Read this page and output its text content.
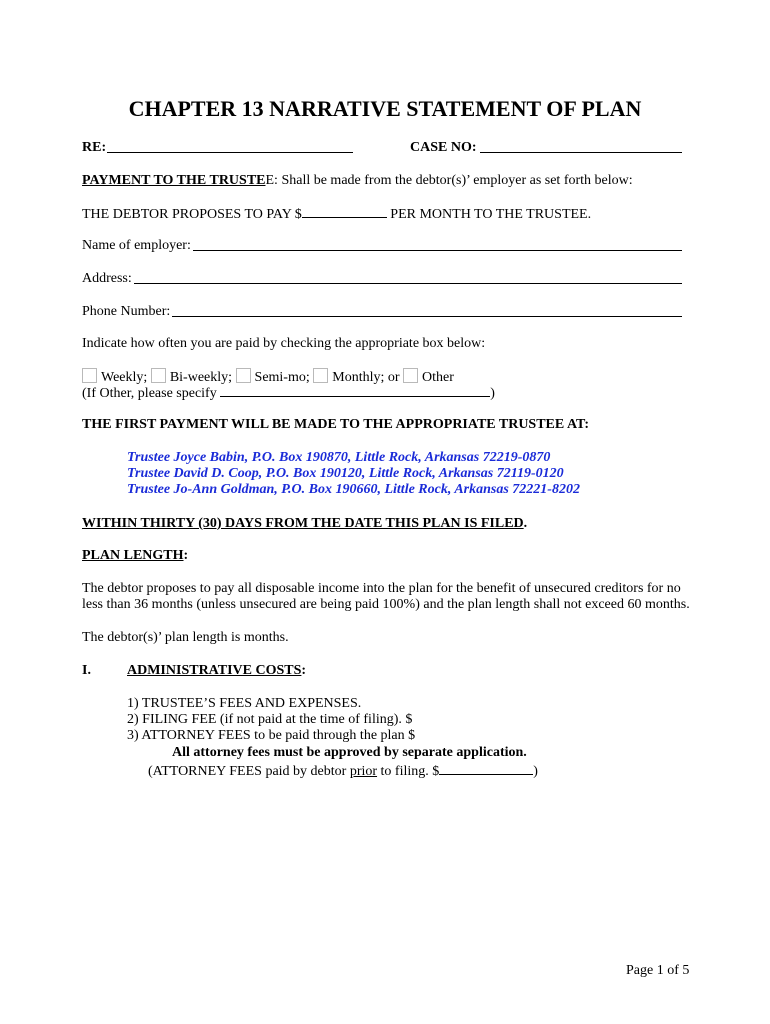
CHAPTER 13 NARRATIVE STATEMENT OF PLAN
RE:	CASE NO:
PAYMENT TO THE TRUSTEE: Shall be made from the debtor(s)’ employer as set forth below:
THE DEBTOR PROPOSES TO PAY $	PER MONTH TO THE TRUSTEE.
Name of employer:
Address:
Phone Number:
Indicate how often you are paid by checking the appropriate box below:
Weekly; Bi-weekly; Semi-mo; Monthly; or Other
(If Other, please specify	)
THE FIRST PAYMENT WILL BE MADE TO THE APPROPRIATE TRUSTEE AT:
Trustee Joyce Babin, P.O. Box 190870, Little Rock, Arkansas 72219-0870
Trustee David D. Coop, P.O. Box 190120, Little Rock, Arkansas 72119-0120
Trustee Jo-Ann Goldman, P.O. Box 190660, Little Rock, Arkansas 72221-8202
WITHIN THIRTY (30) DAYS FROM THE DATE THIS PLAN IS FILED.
PLAN LENGTH:
The debtor proposes to pay all disposable income into the plan for the benefit of unsecured creditors for no less than 36 months (unless unsecured are being paid 100%) and the plan length shall not exceed 60 months.
The debtor(s)’ plan length is months.
I.	ADMINISTRATIVE COSTS:
1) TRUSTEE’S FEES AND EXPENSES.
2) FILING FEE (if not paid at the time of filing). $
3) ATTORNEY FEES to be paid through the plan $
All attorney fees must be approved by separate application.
(ATTORNEY FEES paid by debtor prior to filing. $	)
Page 1 of 5
